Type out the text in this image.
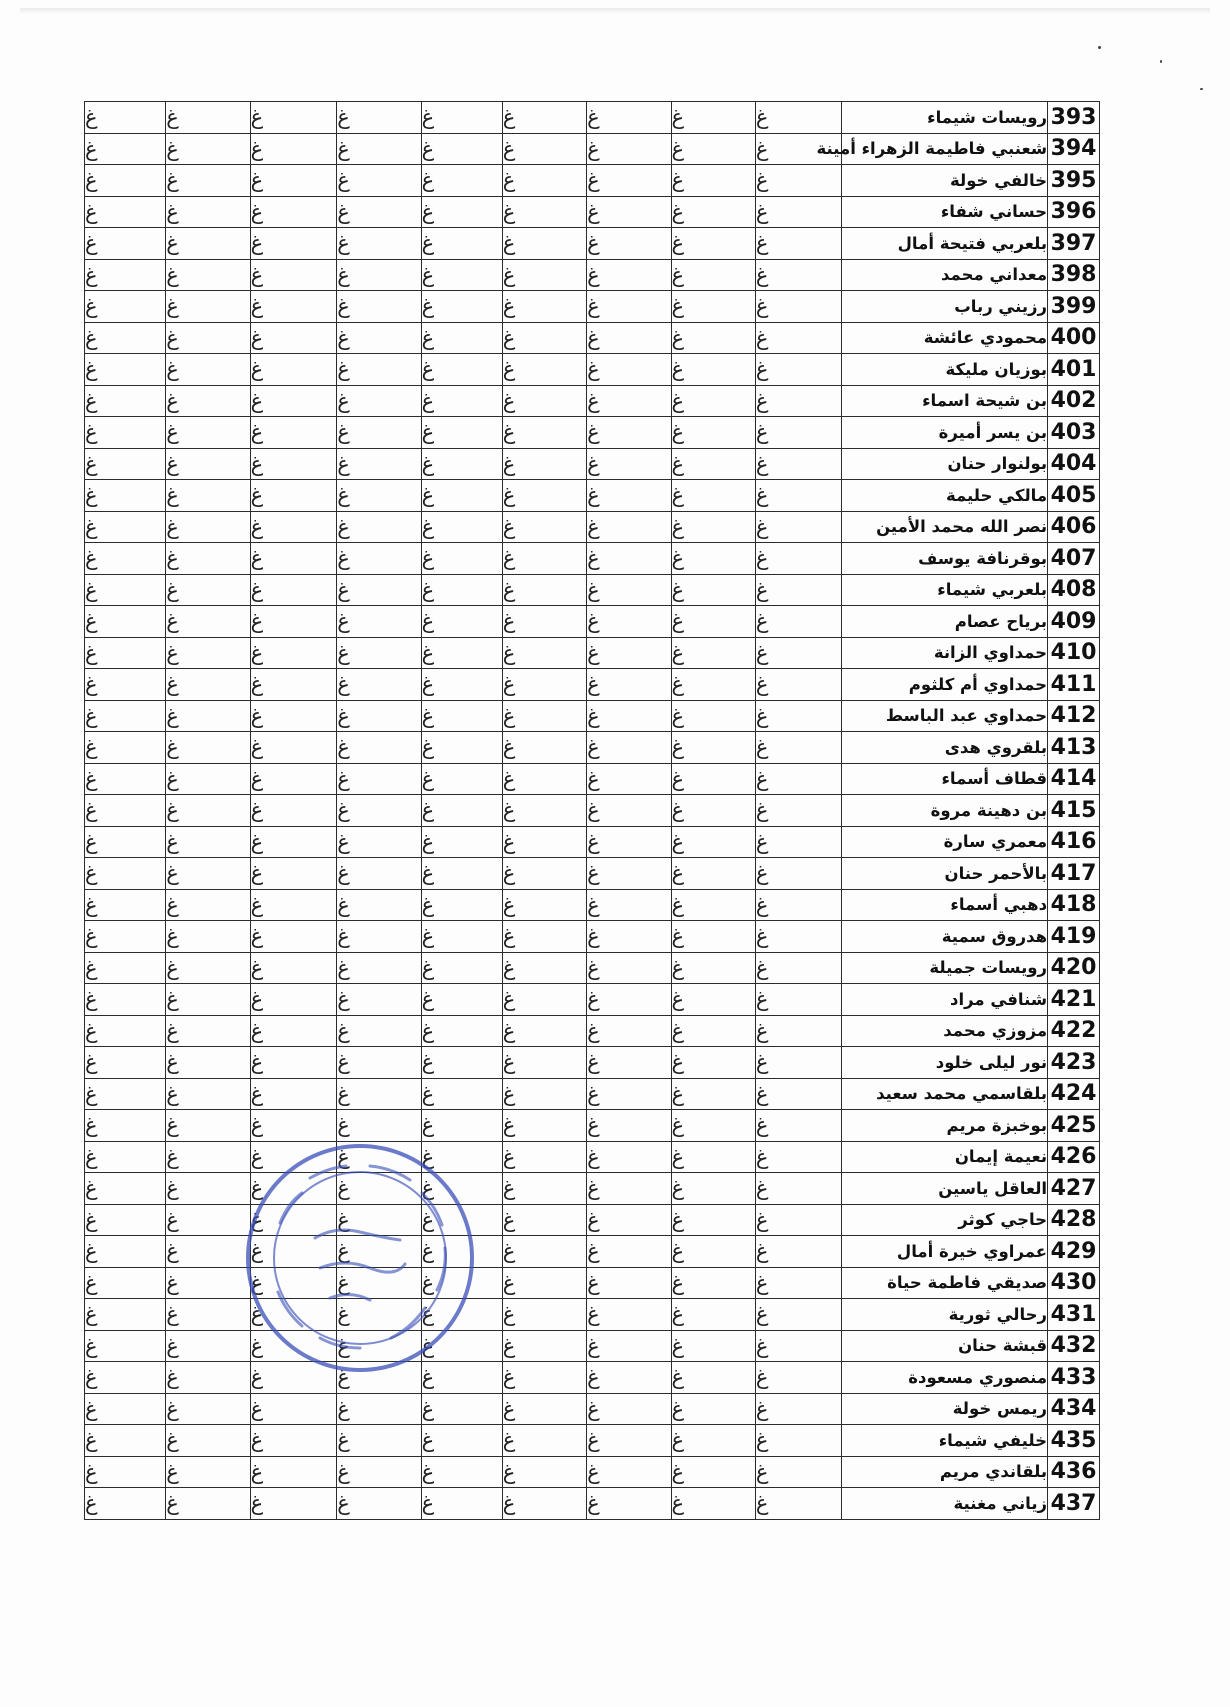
393	رويسات شيماء	غ	غ	غ	غ	غ	غ	غ	غ	غ
394	شعنبي فاطيمة الزهراء أمينة	غ	غ	غ	غ	غ	غ	غ	غ	غ
395	خالفي خولة	غ	غ	غ	غ	غ	غ	غ	غ	غ
396	حساني شفاء	غ	غ	غ	غ	غ	غ	غ	غ	غ
397	بلعربي فتيحة أمال	غ	غ	غ	غ	غ	غ	غ	غ	غ
398	معداني محمد	غ	غ	غ	غ	غ	غ	غ	غ	غ
399	رزيني رباب	غ	غ	غ	غ	غ	غ	غ	غ	غ
400	محمودي عائشة	غ	غ	غ	غ	غ	غ	غ	غ	غ
401	بوزيان مليكة	غ	غ	غ	غ	غ	غ	غ	غ	غ
402	بن شيحة اسماء	غ	غ	غ	غ	غ	غ	غ	غ	غ
403	بن يسر أميرة	غ	غ	غ	غ	غ	غ	غ	غ	غ
404	بولنوار حنان	غ	غ	غ	غ	غ	غ	غ	غ	غ
405	مالكي حليمة	غ	غ	غ	غ	غ	غ	غ	غ	غ
406	نصر الله محمد الأمين	غ	غ	غ	غ	غ	غ	غ	غ	غ
407	بوقرنافة يوسف	غ	غ	غ	غ	غ	غ	غ	غ	غ
408	بلعربي شيماء	غ	غ	غ	غ	غ	غ	غ	غ	غ
409	برياح عصام	غ	غ	غ	غ	غ	غ	غ	غ	غ
410	حمداوي الزانة	غ	غ	غ	غ	غ	غ	غ	غ	غ
411	حمداوي أم كلثوم	غ	غ	غ	غ	غ	غ	غ	غ	غ
412	حمداوي عبد الباسط	غ	غ	غ	غ	غ	غ	غ	غ	غ
413	بلقروي هدى	غ	غ	غ	غ	غ	غ	غ	غ	غ
414	قطاف أسماء	غ	غ	غ	غ	غ	غ	غ	غ	غ
415	بن دهينة مروة	غ	غ	غ	غ	غ	غ	غ	غ	غ
416	معمري سارة	غ	غ	غ	غ	غ	غ	غ	غ	غ
417	بالأحمر حنان	غ	غ	غ	غ	غ	غ	غ	غ	غ
418	دهبي أسماء	غ	غ	غ	غ	غ	غ	غ	غ	غ
419	هدروق سمية	غ	غ	غ	غ	غ	غ	غ	غ	غ
420	رويسات جميلة	غ	غ	غ	غ	غ	غ	غ	غ	غ
421	شنافي مراد	غ	غ	غ	غ	غ	غ	غ	غ	غ
422	مزوزي محمد	غ	غ	غ	غ	غ	غ	غ	غ	غ
423	نور ليلى خلود	غ	غ	غ	غ	غ	غ	غ	غ	غ
424	بلقاسمي محمد سعيد	غ	غ	غ	غ	غ	غ	غ	غ	غ
425	بوخبزة مريم	غ	غ	غ	غ	غ	غ	غ	غ	غ
426	نعيمة إيمان	غ	غ	غ	غ	غ	غ	غ	غ	غ
427	العاقل ياسين	غ	غ	غ	غ	غ	غ	غ	غ	غ
428	حاجي كوثر	غ	غ	غ	غ	غ	غ	غ	غ	غ
429	عمراوي خيرة أمال	غ	غ	غ	غ	غ	غ	غ	غ	غ
430	صديقي فاطمة حياة	غ	غ	غ	غ	غ	غ	غ	غ	غ
431	رحالي ثورية	غ	غ	غ	غ	غ	غ	غ	غ	غ
432	قبشة حنان	غ	غ	غ	غ	غ	غ	غ	غ	غ
433	منصوري مسعودة	غ	غ	غ	غ	غ	غ	غ	غ	غ
434	ريمس خولة	غ	غ	غ	غ	غ	غ	غ	غ	غ
435	خليفي شيماء	غ	غ	غ	غ	غ	غ	غ	غ	غ
436	بلقاندي مريم	غ	غ	غ	غ	غ	غ	غ	غ	غ
437	زياني مغنية	غ	غ	غ	غ	غ	غ	غ	غ	غ
